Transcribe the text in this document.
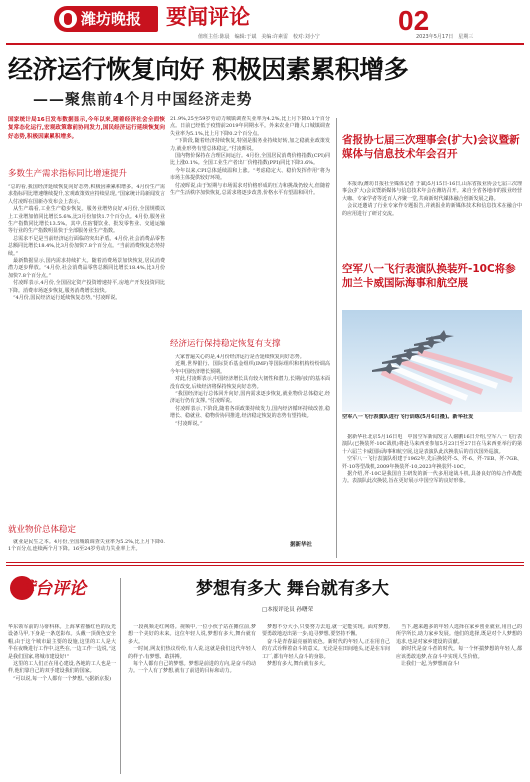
潍坊晚报 要闻评论	02
值班主任:陈晨　编辑:于斌　美编:许素雷　校对:刘小宁	2023年5月17日　星期三
经济运行恢复向好 积极因素累积增多
——聚焦前4个月中国经济走势
国家统计局16日发布数据显示,今年以来,随着经济社会全面恢复常态化运行,宏观政策靠前协同发力,国民经济运行延续恢复向好态势,积极因素累积增多。
多数生产需求指标同比增速提升
“总的看,我国经济延续恢复向好态势,积极因素累积增多。4月份生产需求指标同比增速继续提升,宏观政策效应持续显现。”国家统计局新闻发言人付凌晖在国新办发布会上表示。
　从生产端看,工业生产稳步恢复。服务业增势良好,4月份,全国规模以上工业增加值同比增长5.6%,比3月份加快1.7个百分点。4月份,服务业生产指数同比增长13.5%。其中,住宿餐饮业、批发零售业、交通运输等行业的生产指数明显快于全部服务业生产指数。
　总需求不足是当前经济运行面临的突出矛盾。4月份,社会消费品零售总额同比增长18.4%,比3月份加快7.8个百分点。“当前消费恢复态势持续。”
　最新数据显示,国内需求持续扩大。随着消费场景加快恢复,居民消费潜力逐步释放。“4月份,社会消费品零售总额同比增长18.4%,比3月份加快7.8个百分点。”
　付凌晖表示,4月份,全国固定资产投资增速持平,房地产开发投资同比下降。消费市场逐步恢复,服务消费增长较快。
　“4月份,国民经济运行延续恢复态势。”付凌晖说。
就业物价总体稳定
　就业是民生之本。4月份,全国城镇调查失业率为5.2%,比上月下降0.1个百分点,连续两个月下降。16至24岁劳动力失业率上升。
21.9%,25至59岁劳动力城镇调查失业率为4.2%,比上月下降0.1个百分点。日前已经低于疫情前2019年同期水平。外来农业户籍人口城镇调查失业率为5.1%,比上月下降0.2个百分点。
　“下阶段,随着经济持续恢复,特别是服务业持续好转,加之稳就业政策发力,就业形势有望总体稳定。”付凌晖说。
　国内物价保持在合理区间运行。4月份,全国居民消费价格指数(CPI)同比上涨0.1%。全国工业生产者出厂价格指数(PPI)同比下降3.6%。
　今年以来,CPI总体延续温和上涨。“考虑稳定大、稳价发挥作用”将为市场主体提供较好环境。
　付凌晖说,由于短期与市场需求对价格形成的压力和挑战仍较大,但随着生产生活秩序加快恢复,总需求将逐步改善,价格水平有望温和回升。
经济运行保持稳定恢复有支撑
　大家普遍关心的是,4月份经济运行是否延续恢复向好态势。
　近期,世界银行、国际货币基金组织(IMF)等国际组织和机构纷纷调高今年中国经济增长预期。
　对此,付凌晖表示,中国经济增长具有较大韧性和潜力,长期向好的基本面没有改变,后续经济将保持恢复向好态势。
　“我国经济运行总体回升向好,国内需求逐步恢复,就业物价总体稳定,经济运行仍有支撑。”付凌晖说。
　付凌晖表示,下阶段,随着各项政策持续发力,国内经济循环持续改善,稳增长、稳就业、稳物价协同推进,经济稳定恢复的态势有望持续。
　“付凌晖说。”
据新华社
省报协七届三次理事会(扩大)会议暨新媒体与信息技术年会召开
　本报讯(潍坊日报社全媒体记者 于斌)5月15日-16日,山东省报业协会七届三次理事会(扩大)会议暨新媒体与信息技术年会在潍坊召开。来自全省各地市的报业经营大咖、专家学者等近百人齐聚一堂,共商新时代媒体融合创新发展之路。
　会议还邀请了行业专家作专题报告,并就报业的新媒体技术和信息技术在融合中的应用进行了研讨交流。
空军八一飞行表演队换装歼-10C将参加兰卡威国际海事和航空展
空军八一飞行表演队进行飞行训练(5月6日摄)。新华社发
　据新华社北京5月16日电　中国空军新闻发言人谢鹏16日介绍,空军八一飞行表演队(已换装歼-10C战机)将赴马来西亚参加5月23日至27日在马来西亚举行的第十六届兰卡威国际海事和航空展,这是表演队此次换装后的首次国外巡演。
　空军八一飞行表演队组建于1962年,先后换装歼-5、歼-6、歼-7EB、歼-7GB、歼-10等型战机,2009年换装歼-10,2023年换装歼-10C。
　据介绍,歼-10C是我国自主研发的新一代多用途战斗机,具备良好的综合作战能力。表演队此次换装,旨在更好展示中国空军的良好形象。
鸢台评论	梦想有多大 舞台就有多大
□本报评论员 孙曙荣
华东领军前的马蒂科林。上海拿着播红色的反光设备马甲,下身是一条送影布。头戴一顶黄色安全帽,由于这个城市最主要的设施,这里的工人是大半在夜晚进行工作中,这些在,一边工作一边说,“这是我们国家,将城市建设好!”
　这里的工人们正在用心建设,各地的工人也是一样,他们靠自己的双手建设我们的国家。
　“可以说,每一个人都有一个梦想。”(据新京报)
　一段视频走红网络。视频中,一位小伙子站在摊位前,梦想一个美好的未来。这位年轻人说,梦想有多大,舞台就有多大。
　一时间,网友们热议纷纷,有人说,这就是我们这代年轻人的样子:有梦想、敢拼搏。
　每个人都有自己的梦想。梦想是前进的方向,是奋斗的动力。一个人有了梦想,就有了前进的目标和动力。
　梦想不分大小,只要努力去追,就一定能实现。面对梦想,要勇敢地迈出第一步;追寻梦想,要坚持不懈。
　奋斗是青春最亮丽的底色。新时代的年轻人,正在用自己的方式诠释着奋斗的意义。无论是在田间地头,还是在车间工厂,都有年轻人奋斗的身影。
　梦想有多大,舞台就有多大。
　当下,越来越多的年轻人选择在家乡创业就业,用自己的所学所长,助力家乡发展。他们的选择,既是对个人梦想的追求,也是对家乡建设的贡献。
　新时代是奋斗者的时代。每一个怀揣梦想的年轻人,都应该勇敢追梦,在奋斗中实现人生价值。
　让我们一起,为梦想而奋斗!
